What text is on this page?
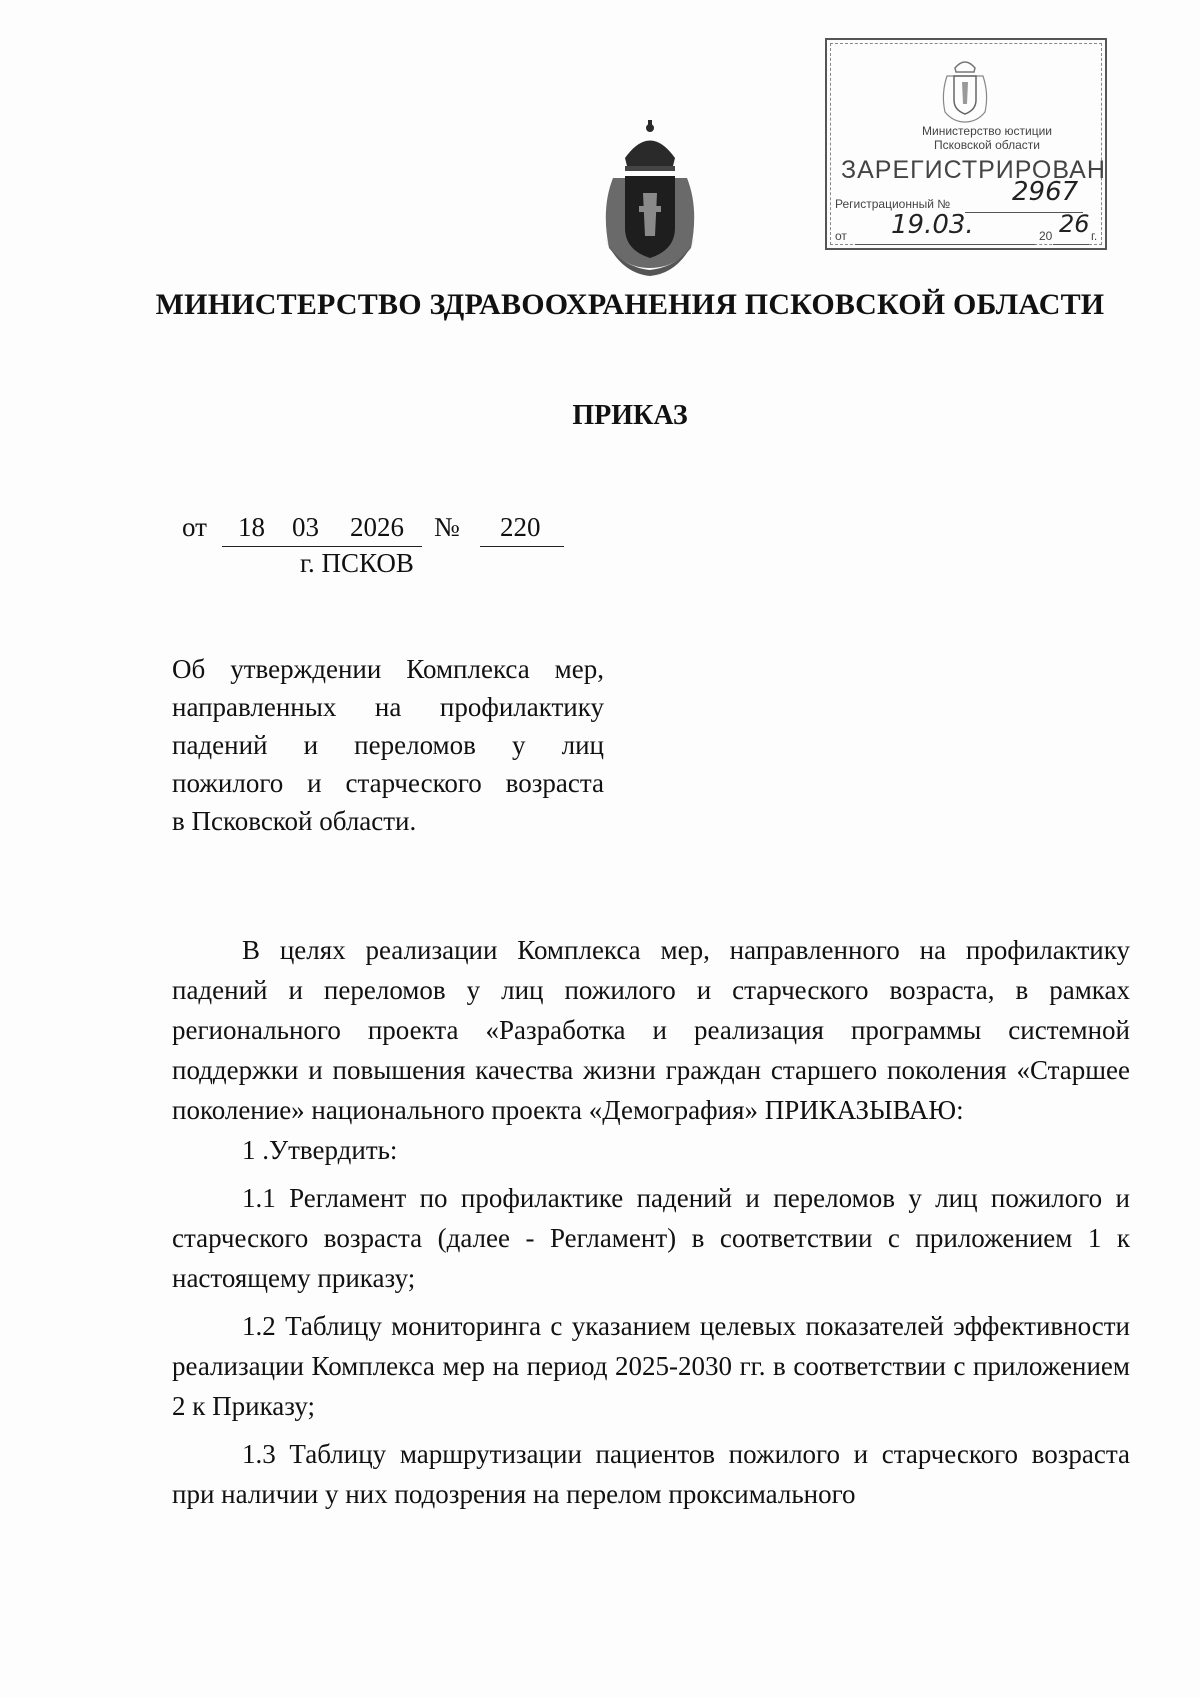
Министерство юстиции
Псковской области
ЗАРЕГИСТРИРОВАН
Регистрационный № 2967
от 19.03.	20 26 г.
МИНИСТЕРСТВО ЗДРАВООХРАНЕНИЯ ПСКОВСКОЙ ОБЛАСТИ
ПРИКАЗ
от 18 03 2026 № 220
г. ПСКОВ
Об утверждении Комплекса мер,
направленных на профилактику
падений и переломов у лиц
пожилого и старческого возраста
в Псковской области.

В целях реализации Комплекса мер, направленного на профилактику падений и переломов у лиц пожилого и старческого возраста, в рамках регионального проекта «Разработка и реализация программы системной поддержки и повышения качества жизни граждан старшего поколения «Старшее поколение» национального проекта «Демография» ПРИКАЗЫВАЮ:

1 .Утвердить:

1.1 Регламент по профилактике падений и переломов у лиц пожилого и старческого возраста (далее - Регламент) в соответствии с приложением 1 к настоящему приказу;

1.2 Таблицу мониторинга с указанием целевых показателей эффективности реализации Комплекса мер на период 2025-2030 гг. в соответствии с приложением 2 к Приказу;

1.3 Таблицу маршрутизации пациентов пожилого и старческого возраста при наличии у них подозрения на перелом проксимального
